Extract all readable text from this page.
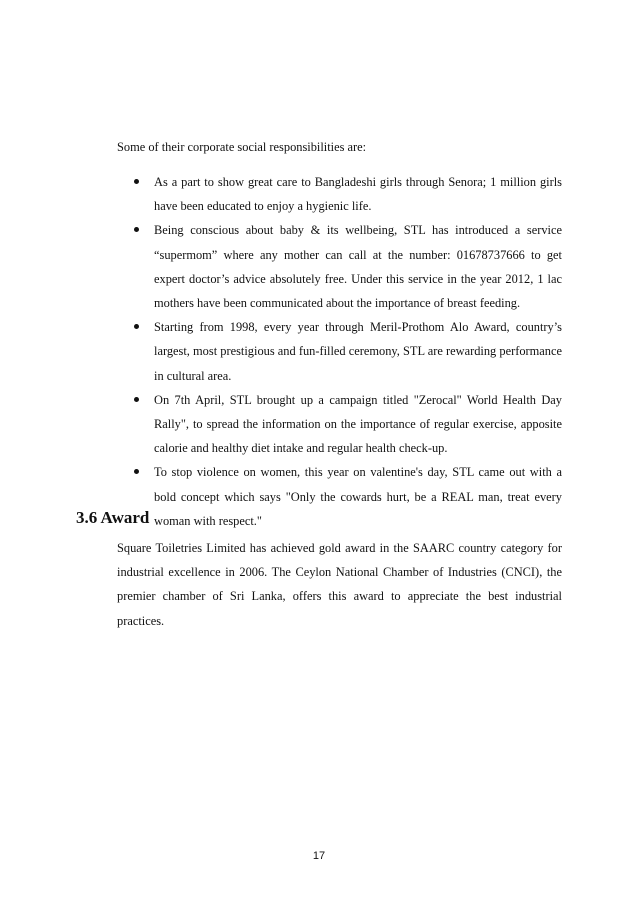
Some of their corporate social responsibilities are:

As a part to show great care to Bangladeshi girls through Senora; 1 million girls have been educated to enjoy a hygienic life.
Being conscious about baby & its wellbeing, STL has introduced a service “supermom” where any mother can call at the number: 01678737666 to get expert doctor’s advice absolutely free. Under this service in the year 2012, 1 lac mothers have been communicated about the importance of breast feeding.
Starting from 1998, every year through Meril-Prothom Alo Award, country’s largest, most prestigious and fun-filled ceremony, STL are rewarding performance in cultural area.
On 7th April, STL brought up a campaign titled "Zerocal" World Health Day Rally", to spread the information on the importance of regular exercise, apposite calorie and healthy diet intake and regular health check-up.
To stop violence on women, this year on valentine's day, STL came out with a bold concept which says "Only the cowards hurt, be a REAL man, treat every woman with respect."
3.6 Award

Square Toiletries Limited has achieved gold award in the SAARC country category for industrial excellence in 2006. The Ceylon National Chamber of Industries (CNCI), the premier chamber of Sri Lanka, offers this award to appreciate the best industrial practices.

17
